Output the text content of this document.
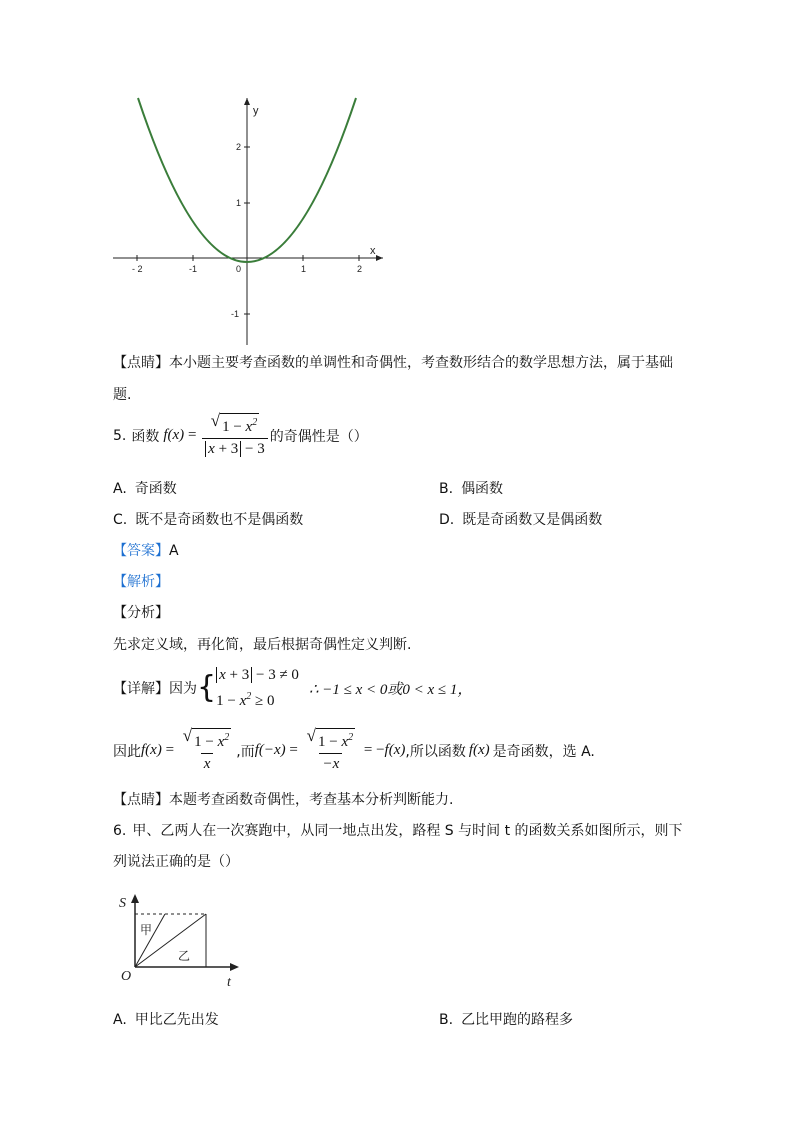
y
x
- 2	-1	0	1	2
2
1
-1
【点睛】本小题主要考查函数的单调性和奇偶性，考查数形结合的数学思想方法，属于基础
题.
5. 函数 $f(x) = \frac{√ 1 - x^2}{x + 3 - 3}$ 的奇偶性是（）
A. 奇函数	B. 偶函数
C. 既不是奇函数也不是偶函数	D. 既是奇函数又是偶函数
【答案】A
【解析】
【分析】
先求定义域，再化简，最后根据奇偶性定义判断.
【详解】 因为 { x + 3 − 3 ≠ 0
$1 - x^2 \ge 0$
∴ −1 ≤ x < 0或0 < x ≤ 1，
因此 $f(x) = \frac{√ 1 - x^2}{x}$ ,而 $f(-x) = \frac{√ 1 - x^2}{-x} = -f(x)$ ,所以函数 f(x) 是奇函数，选 A.
【点睛】本题考查函数奇偶性，考查基本分析判断能力.
6. 甲、乙两人在一次赛跑中，从同一地点出发，路程 S 与时间 t 的函数关系如图所示，则下
列说法正确的是（）
S
t
O
甲
乙
A. 甲比乙先出发	B. 乙比甲跑的路程多
